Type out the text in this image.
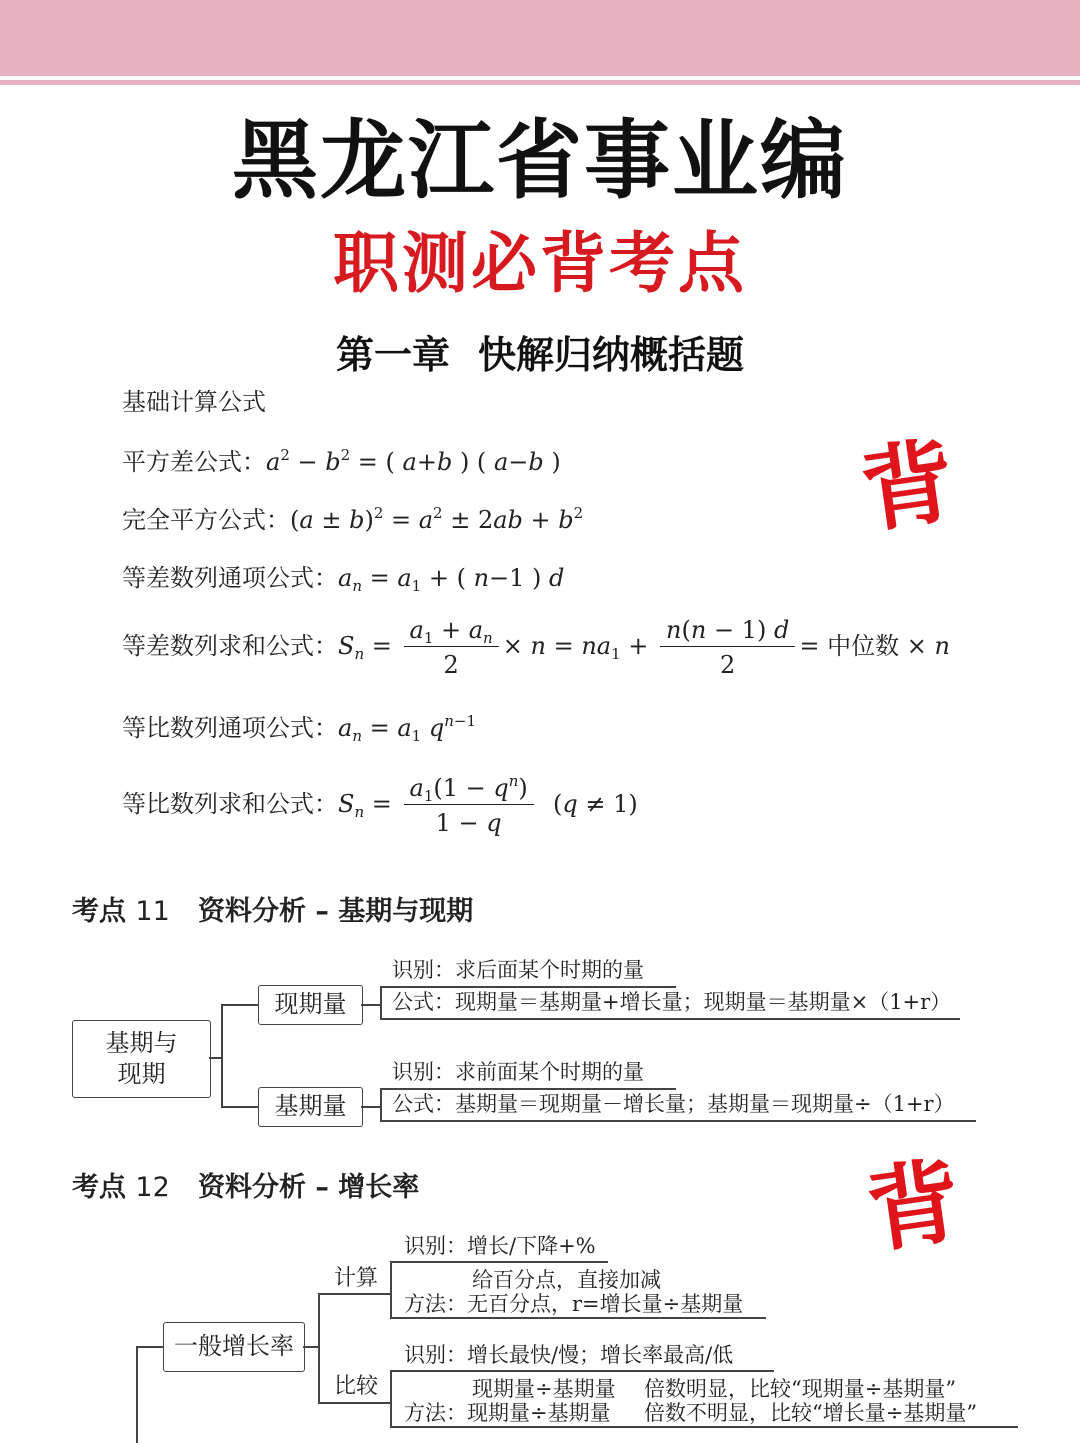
黑龙江省事业编
职测必背考点
第一章 快解归纳概括题
基础计算公式
平方差公式：$a^2 - b^2$ = ( a+b ) ( a−b )
完全平方公式：$(a \pm b)^2 = a^2 \pm 2ab + b^2$
等差数列通项公式：$a_n = a_1$ + ( n−1 ) d
等差数列求和公式：$S_n = \frac{a_1 + a_n}{2} \times n = na_1 + \frac{n(n - 1) d}{2}$ = 中位数 × n
等比数列通项公式：$a_n = a_1$ $q^{n-1}$
等比数列求和公式：$S_n = \frac{a_1(1 - q^n)}{1 - q} (q \ne 1)$
背
背
考点 11 资料分析 – 基期与现期
基期与
现期
现期量
识别：求后面某个时期的量
公式：现期量＝基期量+增长量；现期量＝基期量×（1+r）
基期量
识别：求前面某个时期的量
公式：基期量＝现期量－增长量；基期量＝现期量÷（1+r）
考点 12 资料分析 – 增长率
一般增长率
计算
识别：增长/下降+%
给百分点，直接加减
方法：无百分点，r=增长量÷基期量
比较
识别：增长最快/慢；增长率最高/低
现期量÷基期量 倍数明显，比较“现期量÷基期量”
方法：现期量÷基期量 倍数不明显，比较“增长量÷基期量”
